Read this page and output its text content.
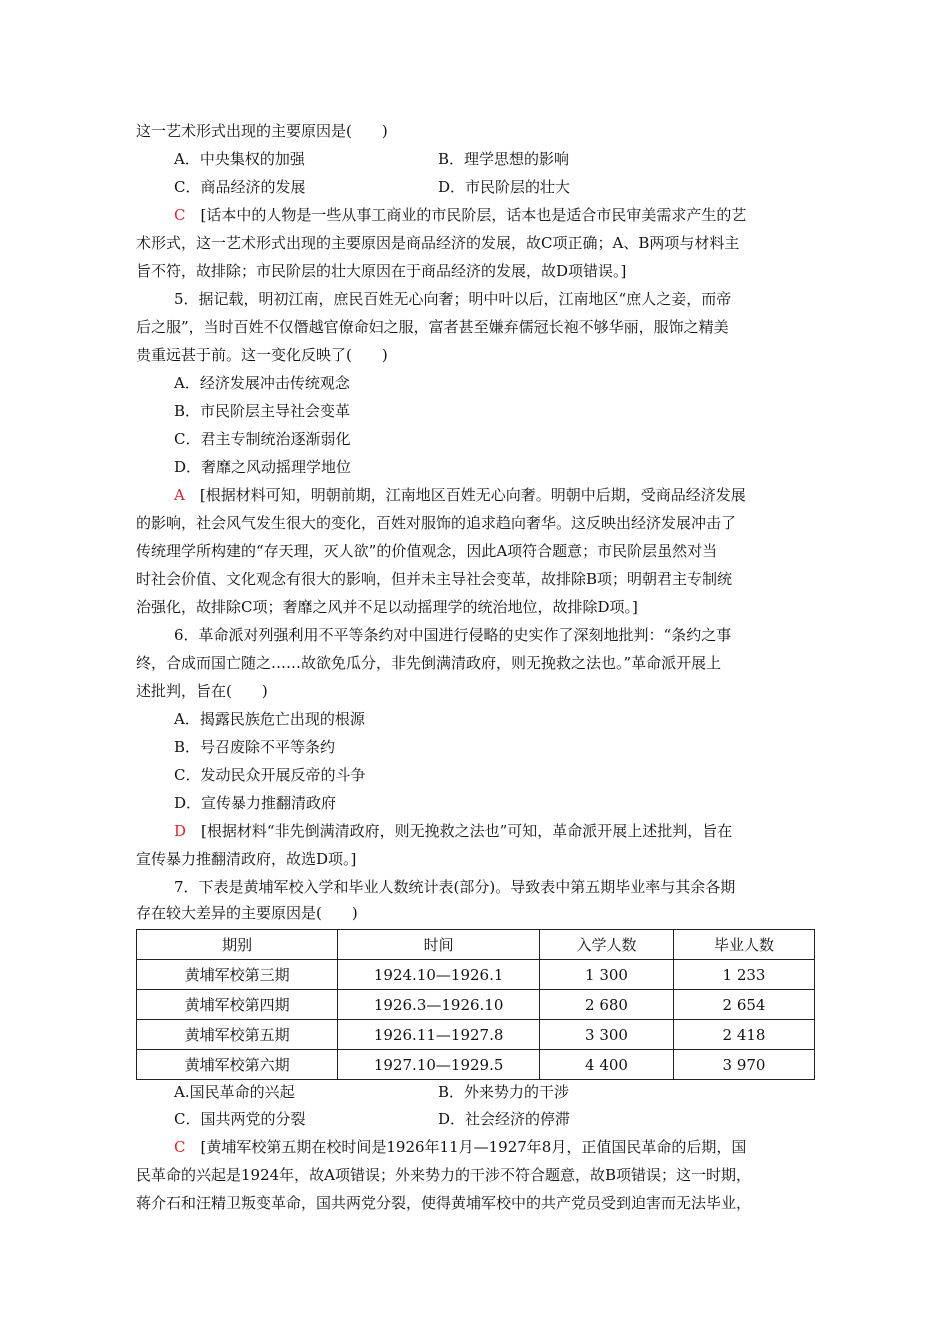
这一艺术形式出现的主要原因是(　　)
A．中央集权的加强	B．理学思想的影响
C．商品经济的发展	D．市民阶层的壮大
C　 [话本中的人物是一些从事工商业的市民阶层，话本也是适合市民审美需求产生的艺
术形式，这一艺术形式出现的主要原因是商品经济的发展，故C项正确；A、B两项与材料主
旨不符，故排除；市民阶层的壮大原因在于商品经济的发展，故D项错误。]
5．据记载，明初江南，庶民百姓无心向奢；明中叶以后，江南地区“庶人之妾，而帝
后之服”，当时百姓不仅僭越官僚命妇之服，富者甚至嫌弃儒冠长袍不够华丽，服饰之精美
贵重远甚于前。这一变化反映了(　　)
A．经济发展冲击传统观念
B．市民阶层主导社会变革
C．君主专制统治逐渐弱化
D．奢靡之风动摇理学地位
A　 [根据材料可知，明朝前期，江南地区百姓无心向奢。明朝中后期，受商品经济发展
的影响，社会风气发生很大的变化，百姓对服饰的追求趋向奢华。这反映出经济发展冲击了
传统理学所构建的“存天理，灭人欲”的价值观念，因此A项符合题意；市民阶层虽然对当
时社会价值、文化观念有很大的影响，但并未主导社会变革，故排除B项；明朝君主专制统
治强化，故排除C项；奢靡之风并不足以动摇理学的统治地位，故排除D项。]
6．革命派对列强利用不平等条约对中国进行侵略的史实作了深刻地批判：“条约之事
终，合成而国亡随之……故欲免瓜分，非先倒满清政府，则无挽救之法也。”革命派开展上
述批判，旨在(　　)
A．揭露民族危亡出现的根源
B．号召废除不平等条约
C．发动民众开展反帝的斗争
D．宣传暴力推翻清政府
D　 [根据材料“非先倒满清政府，则无挽救之法也”可知，革命派开展上述批判，旨在
宣传暴力推翻清政府，故选D项。]
7．下表是黄埔军校入学和毕业人数统计表(部分)。导致表中第五期毕业率与其余各期
存在较大差异的主要原因是(　　)
期别	时间	入学人数	毕业人数
黄埔军校第三期	1924.10—1926.1	1 300	1 233
黄埔军校第四期	1926.3—1926.10	2 680	2 654
黄埔军校第五期	1926.11—1927.8	3 300	2 418
黄埔军校第六期	1927.10—1929.5	4 400	3 970
A.国民革命的兴起	B．外来势力的干涉
C．国共两党的分裂	D．社会经济的停滞
C　 [黄埔军校第五期在校时间是1926年11月—1927年8月，正值国民革命的后期，国
民革命的兴起是1924年，故A项错误；外来势力的干涉不符合题意，故B项错误；这一时期，
蒋介石和汪精卫叛变革命，国共两党分裂，使得黄埔军校中的共产党员受到迫害而无法毕业，
